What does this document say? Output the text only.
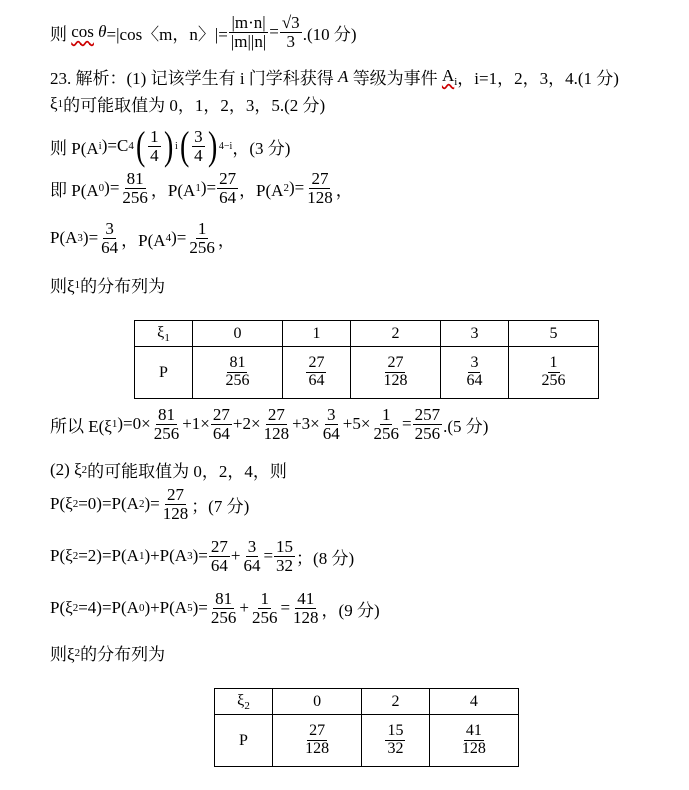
则
cos
θ =|cos〈m，n〉|= $\frac{|m\cdot n|}{|m||n|} = \frac{√3}{3} .(10$ 分)
23. 解析：(1) 记该学生有 i 门学科获得
A
等级为事件
$A_i$ ，i=1，2，3，4.(1 分)
ξ 1 的可能取值为 0，1，2，3，5.(2 分)
则 P(A i )=C 4 ( $\frac{1}{4}$ ) i ( $\frac{3}{4}$ ) 4−i ，(3 分)
即 P(A 0 )= $\frac{81}{256}$ ，P(A 1 )= $\frac{27}{64}$ ，P(A 2 )= $\frac{27}{128}$ ，
P(A 3 )= $\frac{3}{64}$ ，P(A 4 )= $\frac{1}{256}$ ，
则ξ 1 的分布列为
$\xi_1$	0	1	2	3	5
P	$\frac{81}{256}$	$\frac{27}{64}$	$\frac{27}{128}$	$\frac{3}{64}$	$\frac{1}{256}$
所以 E(ξ 1 )$=0\times \frac{81}{256} +1\times \frac{27}{64} +2\times \frac{27}{128} +3\times \frac{3}{64} +5\times \frac{1}{256} = \frac{257}{256} .(5$ 分)
(2) ξ 2 的可能取值为 0，2，4，则
P(ξ 2 =0)=P(A 2 )= $\frac{27}{128}$ ；(7 分)
P(ξ 2 =2)=P(A 1 )+P(A 3 )= $\frac{27}{64} + \frac{3}{64} = \frac{15}{32}$ ；(8 分)
P(ξ 2 =4)=P(A 0 )+P(A 5 )= $\frac{81}{256} + \frac{1}{256} = \frac{41}{128}$ ，(9 分)
则ξ 2 的分布列为
$\xi_2$	0	2	4
P	$\frac{27}{128}$	$\frac{15}{32}$	$\frac{41}{128}$
